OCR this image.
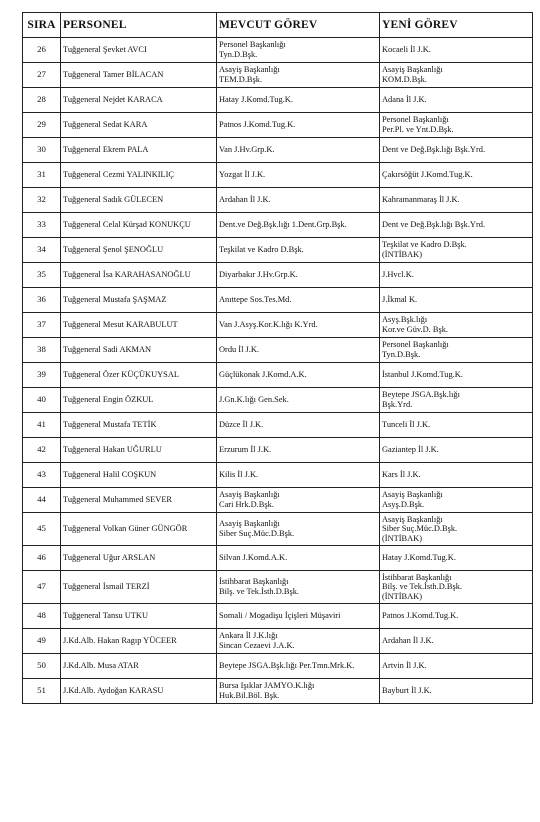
SIRA	PERSONEL	MEVCUT GÖREV	YENİ GÖREV
26	Tuğgeneral Şevket AVCI	Personel Başkanlığı
Tyn.D.Bşk.	Kocaeli İl J.K.

27	Tuğgeneral Tamer BİLACAN	Asayiş Başkanlığı
TEM.D.Bşk.	Asayiş Başkanlığı
KOM.D.Bşk.

28	Tuğgeneral Nejdet KARACA	Hatay J.Komd.Tug.K.	Adana İl J.K.

29	Tuğgeneral Sedat KARA	Patnos J.Komd.Tug.K.	Personel Başkanlığı
Per.Pl. ve Ynt.D.Bşk.

30	Tuğgeneral Ekrem PALA	Van J.Hv.Grp.K.	Dent ve Değ.Bşk.lığı Bşk.Yrd.

31	Tuğgeneral Cezmi YALINKILIÇ	Yozgat İl J.K.	Çakırsöğüt J.Komd.Tug.K.

32	Tuğgeneral Sadık GÜLECEN	Ardahan İl J.K.	Kahramanmaraş İl J.K.

33	Tuğgeneral Celal Kürşad KONUKÇU	Dent.ve Değ.Bşk.lığı 1.Dent.Grp.Bşk.	Dent ve Değ.Bşk.lığı Bşk.Yrd.

34	Tuğgeneral Şenol ŞENOĞLU	Teşkilat ve Kadro D.Bşk.	Teşkilat ve Kadro D.Bşk.
(İNTİBAK)

35	Tuğgeneral İsa KARAHASANOĞLU	Diyarbakır J.Hv.Grp.K.	J.Hvcl.K.

36	Tuğgeneral Mustafa ŞAŞMAZ	Anıttepe Sos.Tes.Md.	J.İkmal K.

37	Tuğgeneral Mesut KARABULUT	Van J.Asyş.Kor.K.lığı K.Yrd.	Asyş.Bşk.lığı
Kor.ve Güv.D. Bşk.

38	Tuğgeneral Sadi AKMAN	Ordu İl J.K.	Personel Başkanlığı
Tyn.D.Bşk.

39	Tuğgeneral Özer KÜÇÜKUYSAL	Güçlükonak J.Komd.A.K.	İstanbul J.Komd.Tug.K.

40	Tuğgeneral Engin ÖZKUL	J.Gn.K.lığı Gen.Sek.	Beytepe JSGA.Bşk.lığı
Bşk.Yrd.

41	Tuğgeneral Mustafa TETİK	Düzce İl J.K.	Tunceli İl J.K.

42	Tuğgeneral Hakan UĞURLU	Erzurum İl J.K.	Gaziantep İl J.K.

43	Tuğgeneral Halil COŞKUN	Kilis İl J.K.	Kars İl J.K.

44	Tuğgeneral Muhammed SEVER	Asayiş Başkanlığı
Cari Hrk.D.Bşk.	Asayiş Başkanlığı
Asyş.D.Bşk.

45	Tuğgeneral Volkan Güner GÜNGÖR	Asayiş Başkanlığı
Siber Suç.Müc.D.Bşk.	Asayiş Başkanlığı
Siber Suç.Müc.D.Bşk.
(İNTİBAK)

46	Tuğgeneral Uğur ARSLAN	Silvan J.Komd.A.K.	Hatay J.Komd.Tug.K.

47	Tuğgeneral İsmail TERZİ	İstihbarat Başkanlığı
Bilş. ve Tek.İsth.D.Bşk.	İstihbarat Başkanlığı
Bilş. ve Tek.İsth.D.Bşk.
(İNTİBAK)

48	Tuğgeneral Tansu UTKU	Somali / Mogadişu İçişleri Müşaviri	Patnos J.Komd.Tug.K.

49	J.Kd.Alb. Hakan Ragıp YÜCEER	Ankara İl J.K.lığı
Sincan Cezaevi J.A.K.	Ardahan İl J.K.

50	J.Kd.Alb. Musa ATAR	Beytepe JSGA.Bşk.lığı Per.Tmn.Mrk.K.	Artvin İl J.K.

51	J.Kd.Alb. Aydoğan KARASU	Bursa Işıklar JAMYO.K.lığı
Huk.Bil.Böl. Bşk.	Bayburt İl J.K.
